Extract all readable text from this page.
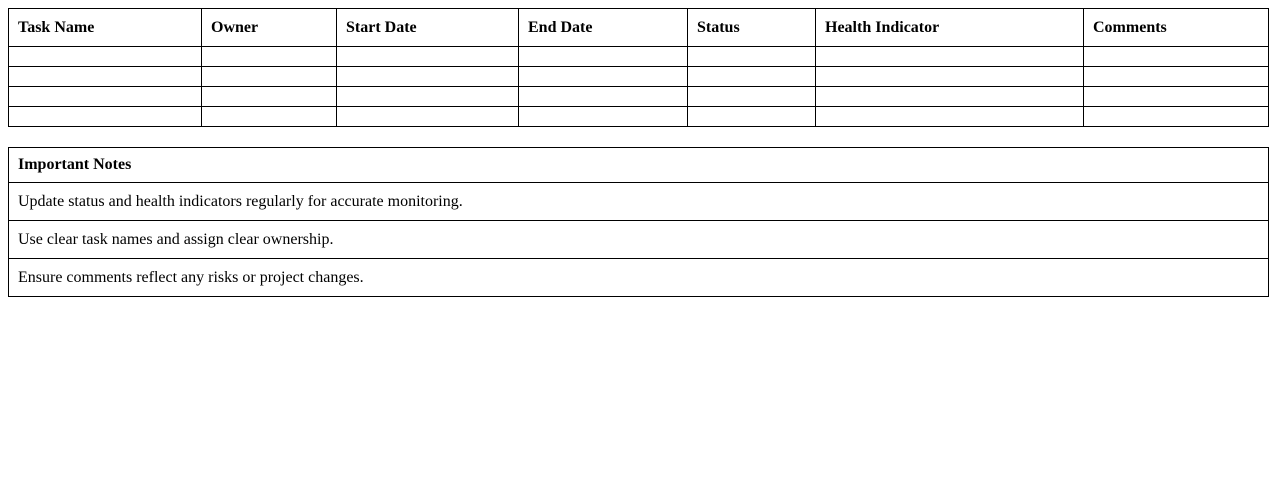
Task Name	Owner	Start Date	End Date	Status	Health Indicator	Comments

Important Notes
Update status and health indicators regularly for accurate monitoring.
Use clear task names and assign clear ownership.
Ensure comments reflect any risks or project changes.
